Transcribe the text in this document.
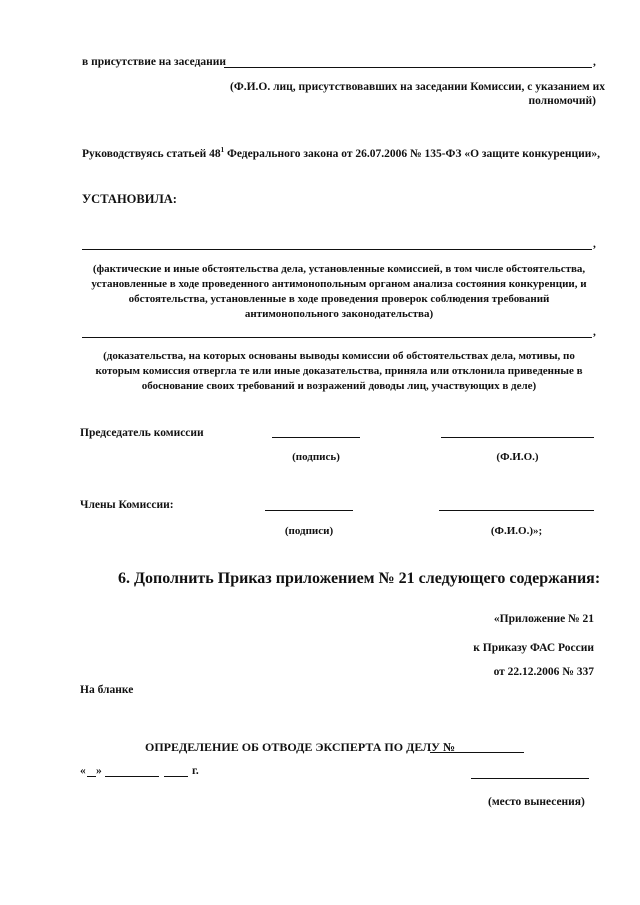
в присутствие на заседании	,
(Ф.И.О. лиц, присутствовавших на заседании Комиссии, с указанием их
полномочий)
Руководствуясь статьей $48^1$ Федерального закона от 26.07.2006 № 135-ФЗ «О защите конкуренции»,
УСТАНОВИЛА:
,
(фактические и иные обстоятельства дела, установленные комиссией, в том числе обстоятельства,
установленные в ходе проведенного антимонопольным органом анализа состояния конкуренции, и
обстоятельства, установленные в ходе проведения проверок соблюдения требований
антимонопольного законодательства)
,
(доказательства, на которых основаны выводы комиссии об обстоятельствах дела, мотивы, по
которым комиссия отвергла те или иные доказательства, приняла или отклонила приведенные в
обоснование своих требований и возражений доводы лиц, участвующих в деле)
Председатель комиссии
(подпись)	(Ф.И.О.)
Члены Комиссии:
(подписи)	(Ф.И.О.)»;
6. Дополнить Приказ приложением № 21 следующего содержания:
«Приложение № 21
к Приказу ФАС России
от 22.12.2006 № 337
На бланке
ОПРЕДЕЛЕНИЕ ОБ ОТВОДЕ ЭКСПЕРТА ПО ДЕЛУ №
« »	г.
(место вынесения)
